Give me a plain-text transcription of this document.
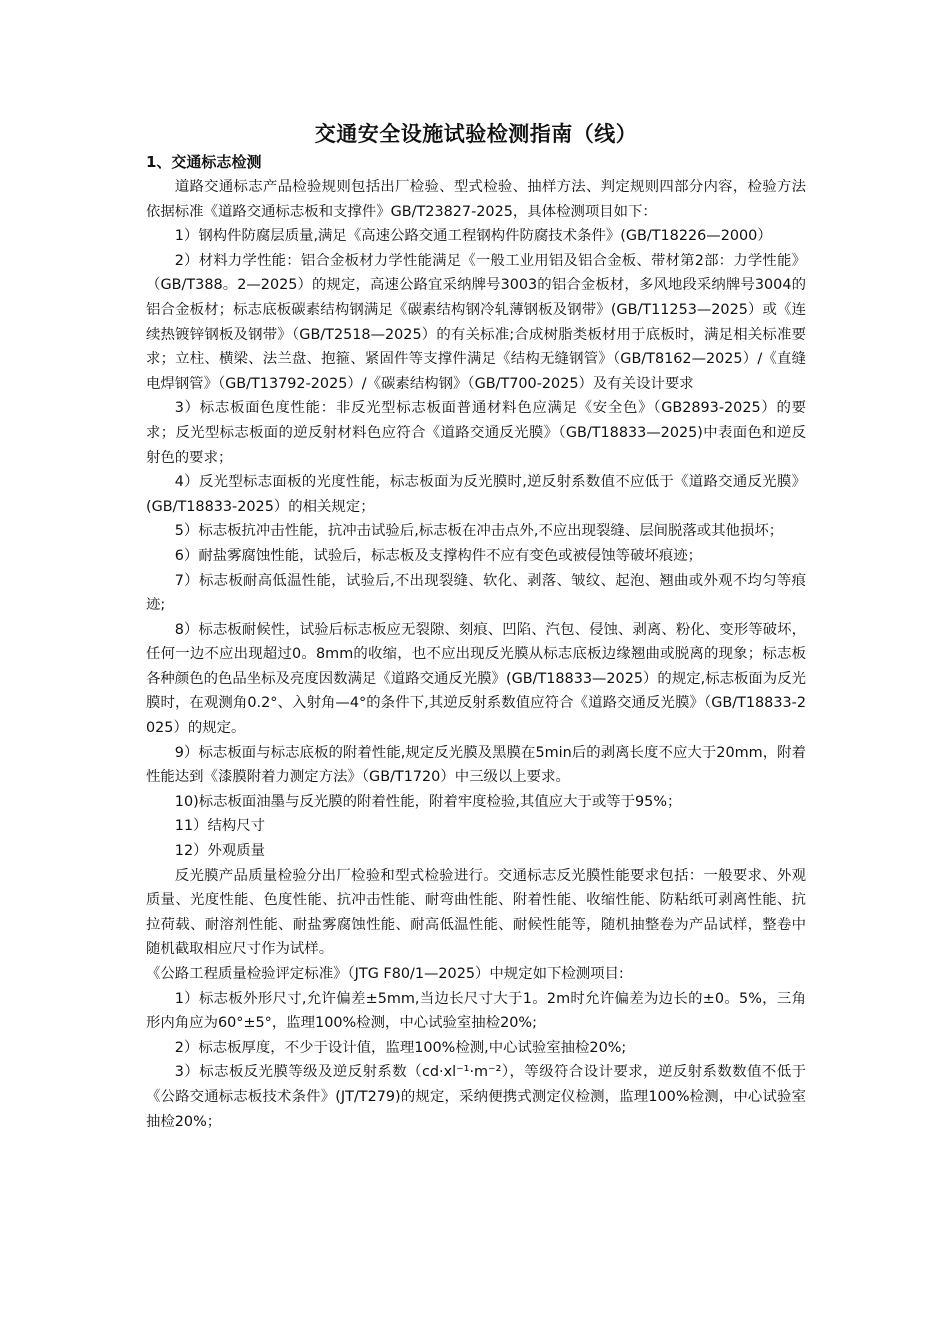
交通安全设施试验检测指南（线）

1、交通标志检测

道路交通标志产品检验规则包括出厂检验、型式检验、抽样方法、判定规则四部分内容，检验方法依据标准《道路交通标志板和支撑件》GB/T23827-2025，具体检测项目如下：

1）钢构件防腐层质量,满足《高速公路交通工程钢构件防腐技术条件》(GB/T18226—2000）

2）材料力学性能：铝合金板材力学性能满足《一般工业用铝及铝合金板、带材第2部：力学性能》（GB/T388。2—2025）的规定，高速公路宜采纳牌号3003的铝合金板材，多风地段采纳牌号3004的铝合金板材；标志底板碳素结构钢满足《碳素结构钢冷轧薄钢板及钢带》(GB/T11253—2025）或《连续热镀锌钢板及钢带》（GB/T2518—2025）的有关标准;合成树脂类板材用于底板时，满足相关标准要求；立柱、横梁、法兰盘、抱箍、紧固件等支撑件满足《结构无缝钢管》（GB/T8162—2025）/《直缝电焊钢管》（GB/T13792-2025）/《碳素结构钢》（GB/T700-2025）及有关设计要求

3）标志板面色度性能：非反光型标志板面普通材料色应满足《安全色》（GB2893-2025）的要求；反光型标志板面的逆反射材料色应符合《道路交通反光膜》（GB/T18833—2025)中表面色和逆反射色的要求；

4）反光型标志面板的光度性能，标志板面为反光膜时,逆反射系数值不应低于《道路交通反光膜》(GB/T18833-2025）的相关规定；

5）标志板抗冲击性能，抗冲击试验后,标志板在冲击点外,不应出现裂缝、层间脱落或其他损坏；

6）耐盐雾腐蚀性能，试验后，标志板及支撑构件不应有变色或被侵蚀等破坏痕迹；

7）标志板耐高低温性能，试验后,不出现裂缝、软化、剥落、皱纹、起泡、翘曲或外观不均匀等痕迹;

8）标志板耐候性，试验后标志板应无裂隙、刻痕、凹陷、汽包、侵蚀、剥离、粉化、变形等破坏，任何一边不应出现超过0。8mm的收缩，也不应出现反光膜从标志底板边缘翘曲或脱离的现象；标志板各种颜色的色品坐标及亮度因数满足《道路交通反光膜》(GB/T18833—2025）的规定,标志板面为反光膜时，在观测角0.2°、入射角—4°的条件下,其逆反射系数值应符合《道路交通反光膜》（GB/T18833-2025）的规定。

9）标志板面与标志底板的附着性能,规定反光膜及黑膜在5min后的剥离长度不应大于20mm，附着性能达到《漆膜附着力测定方法》（GB/T1720）中三级以上要求。

10)标志板面油墨与反光膜的附着性能，附着牢度检验,其值应大于或等于95%；

11）结构尺寸

12）外观质量

反光膜产品质量检验分出厂检验和型式检验进行。交通标志反光膜性能要求包括：一般要求、外观质量、光度性能、色度性能、抗冲击性能、耐弯曲性能、附着性能、收缩性能、防粘纸可剥离性能、抗拉荷载、耐溶剂性能、耐盐雾腐蚀性能、耐高低温性能、耐候性能等，随机抽整卷为产品试样，整卷中随机截取相应尺寸作为试样。

《公路工程质量检验评定标准》（JTG F80/1—2025）中规定如下检测项目:

1）标志板外形尺寸,允许偏差±5mm,当边长尺寸大于1。2m时允许偏差为边长的±0。5%，三角形内角应为60°±5°，监理100%检测，中心试验室抽检20%;

2）标志板厚度，不少于设计值，监理100%检测,中心试验室抽检20%;

3）标志板反光膜等级及逆反射系数（cd·xl⁻¹·m⁻²），等级符合设计要求，逆反射系数数值不低于《公路交通标志板技术条件》(JT/T279)的规定，采纳便携式测定仪检测，监理100%检测，中心试验室抽检20%；
